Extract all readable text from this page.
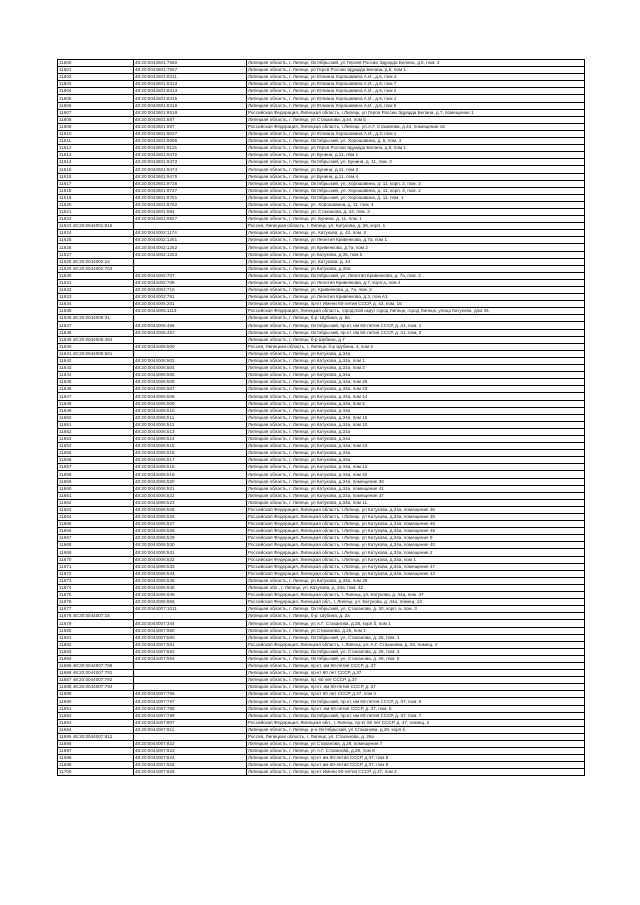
11600	48:20:0043601:7650	Липецкая область, г. Липецк, Октябрьский, ул Героев России Эдуарда Белана, д.5, пом. 3
11601	48:20:0043601:7657	Липецкая область, г. Липецк, ул Героя России Эдуарда Белана, д.5, пом 1
11602	48:20:0043601:8311	Липецкая область, г. Липецк, ул Юлиана Хорошавина А.И., д.6, пом 4
11603	48:20:0043601:8313	Липецкая область, г. Липецк, ул Юлиана Хорошавина А.И., д.6, пом 7
11604	48:20:0043601:8314	Липецкая область, г. Липецк, ул Юлиана Хорошавина А.И., д.6, пом 2
11605	48:20:0043601:8315	Липецкая область, г. Липецк, ул Юлиана Хорошавина А.И., д.6, пом 1
11606	48:20:0043601:8316	Липецкая область, г. Липецк, ул Юлиана Хорошавина А.И., д.6, пом 5
11607	48:20:0043601:8518	Российская Федерация, Липецкая область, г.Липецк, ул Героя России Эдуарда Белана, д.7, помещение 1
11608	48:20:0043601:887	Липецкая область, г. Липецк, ул Стаханова, д.44, пом 5
11609	48:20:0043601:897	Российская Федерация, Липецкая область, г.Липецк, ул.А.Г. Стаханова, д.44, помещение 16
11610	48:20:0043601:9037	Липецкая область, г. Липецк, ул Юлиана Хорошавина А.И., д.3, пом 1
11611	48:20:0043601:9096	Липецкая область, г. Липецк, Октябрьский, ул. Хорошавина, д. 5, пом. 4
11612	48:20:0043601:9115	Липецкая область, г. Липецк, ул Героя России Эдуарда Белана, д.9, пом 1
11613	48:20:0043601:9472	Липецкая область, г. Липецк, ул Бунина, д.11, пом 1
11614	48:20:0043601:9473	Липецкая область, г. Липецк, Октябрьский, ул. Бунина, д. 11, пом. 3
11615	48:20:0043601:9474	Липецкая область, г. Липецк, ул Бунина, д.11, пом 2
11616	48:20:0043601:9475	Липецкая область, г. Липецк, ул Бунина, д.11, пом 4
11617	48:20:0043601:9726	Липецкая область, г. Липецк, Октябрьский, ул. Хорошавина, д. 11, корп. 2, пом. 3
11618	48:20:0043601:9727	Липецкая область, г. Липецк, Октябрьский, ул. Хорошавина, д. 11, корп. 2, пом. 2
11619	48:20:0043601:9761	Липецкая область, г. Липецк, Октябрьский, ул. Хорошавина, д. 11, пом. 1
11620	48:20:0043601:9762	Липецкая область, г. Липецк, ул. Хорошавина, д. 11, пом. 4
11621	48:20:0043601:984	Липецкая область, г. Липецк, ул. Стаханова, д. 44, пом. 3
11622	48:20:0043601:9927	Липецкая область, г. Липецк, ул. Бунина, д. 11, пом. 1
11623 48:20:0044001:915		Россия, Липецкая область, г. Липецк, ул. Катукова, д. 26, корп. 1
11624	48:20:0044002:1174	Липецкая область, г. Липецк, ул. Катукова, д. 42, пом. 2
11625	48:20:0044002:1261	Липецкая область, г. Липецк, ул Леонтия Кривенкова, д.7а, пом 1
11626	48:20:0044002:1262	Липецкая область, г. Липецк, ул Кривенкова, д.7а, пом 2
11627	48:20:0044002:1263	Липецкая область, г. Липецк, ул Катукова, д.35, пом 5
11628 48:20:0044002:24		Липецкая область, г. Липецк, ул. Катукова, д. 44
11629 48:20:0044002:703		Липецкая область, г. Липецк, ул Катукова, д.30а
11630	48:20:0044002:707	Липецкая область, г. Липецк, Октябрьский, ул. Леонтия Кривенкова, д. 7а, пом. 3
11631	48:20:0044002:708	Липецкая область, г. Липецк, ул Леонтия Кривенкова, д.7, корп а, пом 4
11632	48:20:0044002:710	Липецкая область, г. Липецк, ул. Кривенкова, д. 7а, пом. 2
11633	48:20:0044002:781	Липецкая область, г. Липецк, ул Леонтия Кривенкова, д.3, пом А1
11634	48:20:0044005:201	Липецкая область, г. Липецк, пр-кт Имени 60-летия СССР, д. 43, пом. 16
11635	48:20:0044005:1113	Российская Федерация, Липецкая область, городской округ город Липецк, город Липецк, улица Катукова, дом 34,
11636 48:20:0044006:31		Липецкая область, г. Липецк, б-р. Шубина, д. 9а
11637	48:20:0044006:456	Липецкая область, г. Липецк, Октябрьский, пр-кт. им 60-летия СССР, д. 41, пом. 1
11638	48:20:0044006:457	Липецкая область, г. Липецк, Октябрьский, пр-кт. им 60-летия СССР, д. 41, пом. 3
11639 48:20:0044006:484		Липецкая область, г. Липецк, б-р Шубина, д 7
11640	48:20:0044006:500	Россия, Липецкая область, г. Липецк, б-р Шубина, 4, пом 2
11641 48:20:0044006:501		Липецкая область, г. Липецк, ул Катукова, д.34а
11642	48:20:0044006:502	Липецкая область, г. Липецк, ул Катукова, д.34а, пом 1
11643	48:20:0044006:504	Липецкая область, г. Липецк, ул Катукова, д.34а, пом 2
11644	48:20:0044006:505	Липецкая область, г. Липецк, ул Катукова, д.34а
11645	48:20:0044006:506	Липецкая область, г. Липецк, ул Катукова, д.34а, пом 26
11646	48:20:0044006:507	Липецкая область, г. Липецк, ул Катукова, д.34а, пом 23
11647	48:20:0044006:508	Липецкая область, г. Липецк, ул Катукова, д.34а, пом 14
11648	48:20:0044006:509	Липецкая область, г. Липецк, ул Катукова, д.34а, пом 5
11649	48:20:0044006:510	Липецкая область, г. Липецк, ул Катукова, д.34а
11650	48:20:0044006:511	Липецкая область, г. Липецк, ул Катукова, д.34а, пом 15
11651	48:20:0044006:512	Липецкая область, г. Липецк, ул Катукова, д.34а, пом 10
11652	48:20:0044006:513	Липецкая область, г. Липецк, ул Катукова, д.34а
11653	48:20:0044006:514	Липецкая область, г. Липецк, ул Катукова, д.34а
11654	48:20:0044006:515	Липецкая область, г. Липецк, ул Катукова, д.34а, пом 13
11655	48:20:0044006:516	Липецкая область, г. Липецк, ул Катукова, д.34а
11656	48:20:0044006:517	Липецкая область, г. Липецк, ул Катукова, д.34а
11657	48:20:0044006:518	Липецкая область, г. Липецк, ул Катукова, д.34а, пом 12
11658	48:20:0044006:519	Липецкая область, г. Липецк, ул Катукова, д.34а, пом 42
11659	48:20:0044006:520	Липецкая область, г. Липецк, ул Катукова, д.34а, помещение 38
11660	48:20:0044006:521	Липецкая область, г. Липецк, ул Катукова, д.34а, помещение 41
11661	48:20:0044006:522	Липецкая область, г. Липецк, ул Катукова, д.34а, помещение 37
11662	48:20:0044006:523	Липецкая область, г. Липецк, ул Катукова, д.34а, пом 11
11663	48:20:0044006:525	Российская Федерация, Липецкая область, г.Липецк, ул Катукова, д.34а, помещение 36
11664	48:20:0044006:526	Российская Федерация, Липецкая область, г.Липецк, ул Катукова, д.34а, помещение 35
11665	48:20:0044006:527	Российская Федерация, Липецкая область, г.Липецк, ул Катукова, д.34а, помещение 46
11666	48:20:0044006:528	Российская Федерация, Липецкая область, г.Липецк, ул Катукова, д.34а, помещение 45
11667	48:20:0044006:529	Российская Федерация, Липецкая область, г.Липецк, ул Катукова, д.34а, помещение 9
11668	48:20:0044006:530	Российская Федерация, Липецкая область, г.Липецк, ул Катукова, д.34а, помещение 40
11669	48:20:0044006:531	Российская Федерация, Липецкая область, г.Липецк, ул Катукова, д.34а, помещение 2
11670	48:20:0044006:532	Российская Федерация, Липецкая область, г.Липецк, ул Катукова, д.34а, пом 1
11671	48:20:0044006:533	Российская Федерация, Липецкая область, г.Липецк, ул Катукова, д.34а, помещение 47
11672	48:20:0044006:534	Российская Федерация, Липецкая область, г.Липецк, ул Катукова, д.34а, помещение 43
11673	48:20:0044006:535	Липецкая область, г. Липецк, ул Катукова, д.34а, пом 29
11674	48:20:0044006:648	Липецкая обл., г. Липецк, ул. Катукова, д. 34а, пом. 42
11675	48:20:0044006:649	Российская Федерация, Липецкая область, г. Липецк, ул. Катукова, д. 34а, пом. 47
11676	48:20:0044006:656	Российская Федерация, Липецкая обл., г. Липецк, ул. Катукова, д. 34а, помещ. 13
11677	48:20:0044007:1011	Липецкая область, г. Липецк, Октябрьский, ул. Стаханова, д. 30, корп. а, пом. 3
11678 48:20:0044007:15		Липецкая область, г. Липецк, б-р. Шубина, д. 2а
11679	48:20:0044007:344	Липецкая область, г. Липецк, ул А.Г. Стаханова, д.28, корп б, пом 1
11680	48:20:0044007:580	Липецкая область, г. Липецк, ул Стаханова, д.26, пом 1
11681	48:20:0044007:590	Липецкая область, г. Липецк, Октябрьский, ул. Стаханова, д. 26, пом. 1
11682	48:20:0044007:591	Российская Федерация, Липецкая область, г. Липецк, ул. А.Г. Стаханова, д. 26, помещ. 4
11683	48:20:0044007:592	Липецкая область, г. Липецк, Октябрьский, ул. Стаханова, д. 26, пом. 3
11684	48:20:0044007:593	Липецкая область, г. Липецк, Октябрьский, ул. Стаханова, д. 26, пом. 5
11685 48:20:0044007:788		Липецкая область, г. Липецк, пр-кт. им 60-летия СССР, д. 37
11686 48:20:0044007:791		Липецкая область, г. Липецк, пр-кт 60 лет СССР, д.37
11687 48:20:0044007:792		Липецкая область, г. Липецк, пр. 60 лет СССР, д.37
11688 48:20:0044007:794		Липецкая область, г. Липецк, пр-кт. им 60-летия СССР, д. 37
11689	48:20:0044007:795	Липецкая область, г. Липецк, пр-кт 60 лет СССР, д.37, пом 4
11690	48:20:0044007:797	Липецкая область, г. Липецк, Октябрьский, пр-кт. им 60-летия СССР, д. 37, пом. 5
11691	48:20:0044007:798	Липецкая область, г. Липецк, пр-кт. им 60-летия СССР, д. 37, пом. 6
11692	48:20:0044007:799	Липецкая область, г. Липецк, Октябрьский, пр-кт. им 60-летия СССР, д. 37, пом. 7
11693	48:20:0044007:807	Российская Федерация, Липецкая обл., г. Липецк, пр-кт 60 лет СССР, д. 37, помещ. 2
11694	48:20:0044007:811	Липецкая область, г. Липецк, р-н Октябрьский, ул Стаханова, д.28, корп б
11695 48:20:0044007:812		Россия, Липецкая область, г. Липецк, ул. Стаханова, д. 26а
11696	48:20:0044007:822	Липецкая область, г. Липецк, ул Стаханова, д.28, помещение 7
11697	48:20:0044007:823	Липецкая область, г. Липецк, ул А.Г. Стаханова, д.28, пом 8
11698	48:20:0044007:824	Липецкая область, г. Липецк, пр-кт им 60-летия СССР, д.37, пом 8
11699	48:20:0044007:825	Липецкая область, г. Липецк, пр-кт им 60-летия СССР, д.37, пом 9
11700	48:20:0044007:826	Липецкая область, г. Липецк, пр-кт Имени 60-летия СССР, д.37, пом 2
